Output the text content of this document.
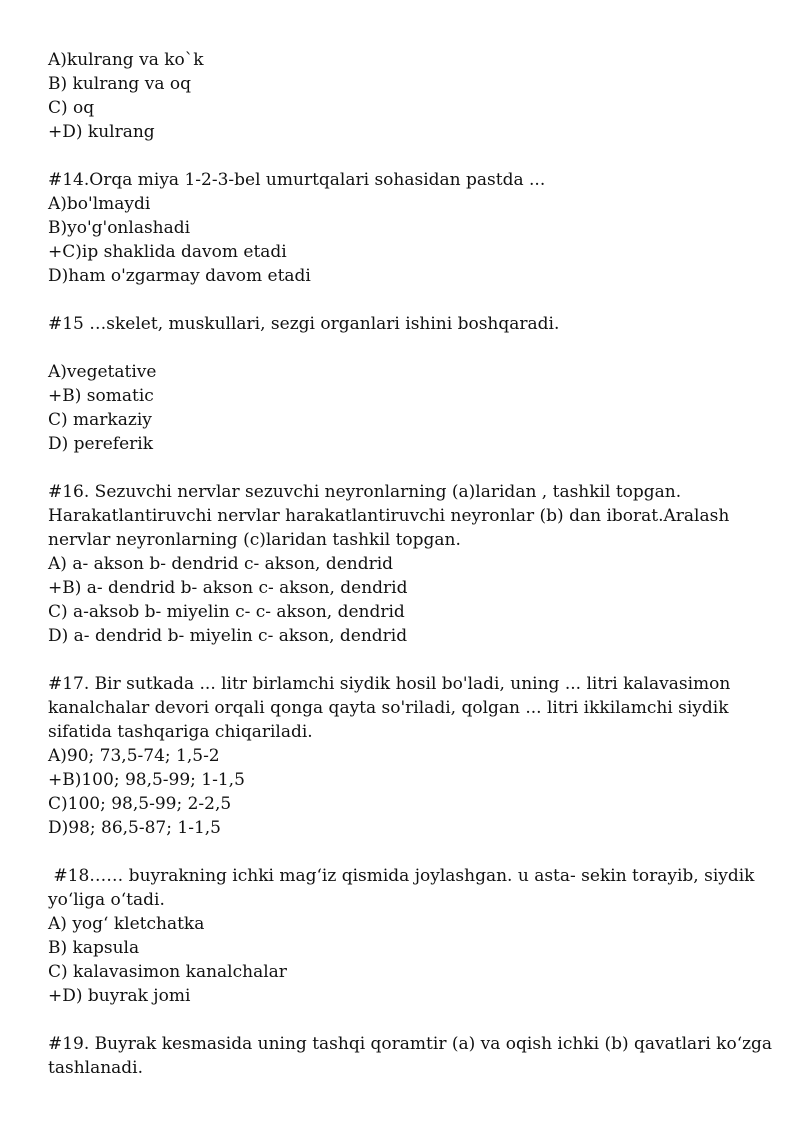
A)kulrang va ko`k
B) kulrang va oq
C) oq
+D) kulrang
#14.Orqa miya 1-2-3-bel umurtqalari sohasidan pastda ...
A)bo'lmaydi
B)yo'g'onlashadi
+C)ip shaklida davom etadi
D)ham o'zgarmay davom etadi
#15 …skelet, muskullari, sezgi organlari ishini boshqaradi.
A)vegetative
+B) somatic
C) markaziy
D) pereferik
#16. Sezuvchi nervlar sezuvchi neyronlarning (a)laridan , tashkil topgan.
Harakatlantiruvchi nervlar harakatlantiruvchi neyronlar (b) dan iborat.Aralash
nervlar neyronlarning (c)laridan tashkil topgan.
A) a- akson b- dendrid c- akson, dendrid
+B) a- dendrid b- akson c- akson, dendrid
C) a-aksob b- miyelin c- c- akson, dendrid
D) a- dendrid b- miyelin c- akson, dendrid
#17. Bir sutkada ... litr birlamchi siydik hosil bo'ladi, uning ... litri kalavasimon
kanalchalar devori orqali qonga qayta so'riladi, qolgan ... litri ikkilamchi siydik
sifatida tashqariga chiqariladi.
A)90; 73,5-74; 1,5-2
+B)100; 98,5-99; 1-1,5
C)100; 98,5-99; 2-2,5
D)98; 86,5-87; 1-1,5
#18…… buyrakning ichki mag‘iz qismida joylashgan. u asta- sekin torayib, siydik
yo‘liga o‘tadi.
A) yog‘ kletchatka
B) kapsula
C) kalavasimon kanalchalar
+D) buyrak jomi
#19. Buyrak kesmasida uning tashqi qoramtir (a) va oqish ichki (b) qavatlari ko‘zga
tashlanadi.
